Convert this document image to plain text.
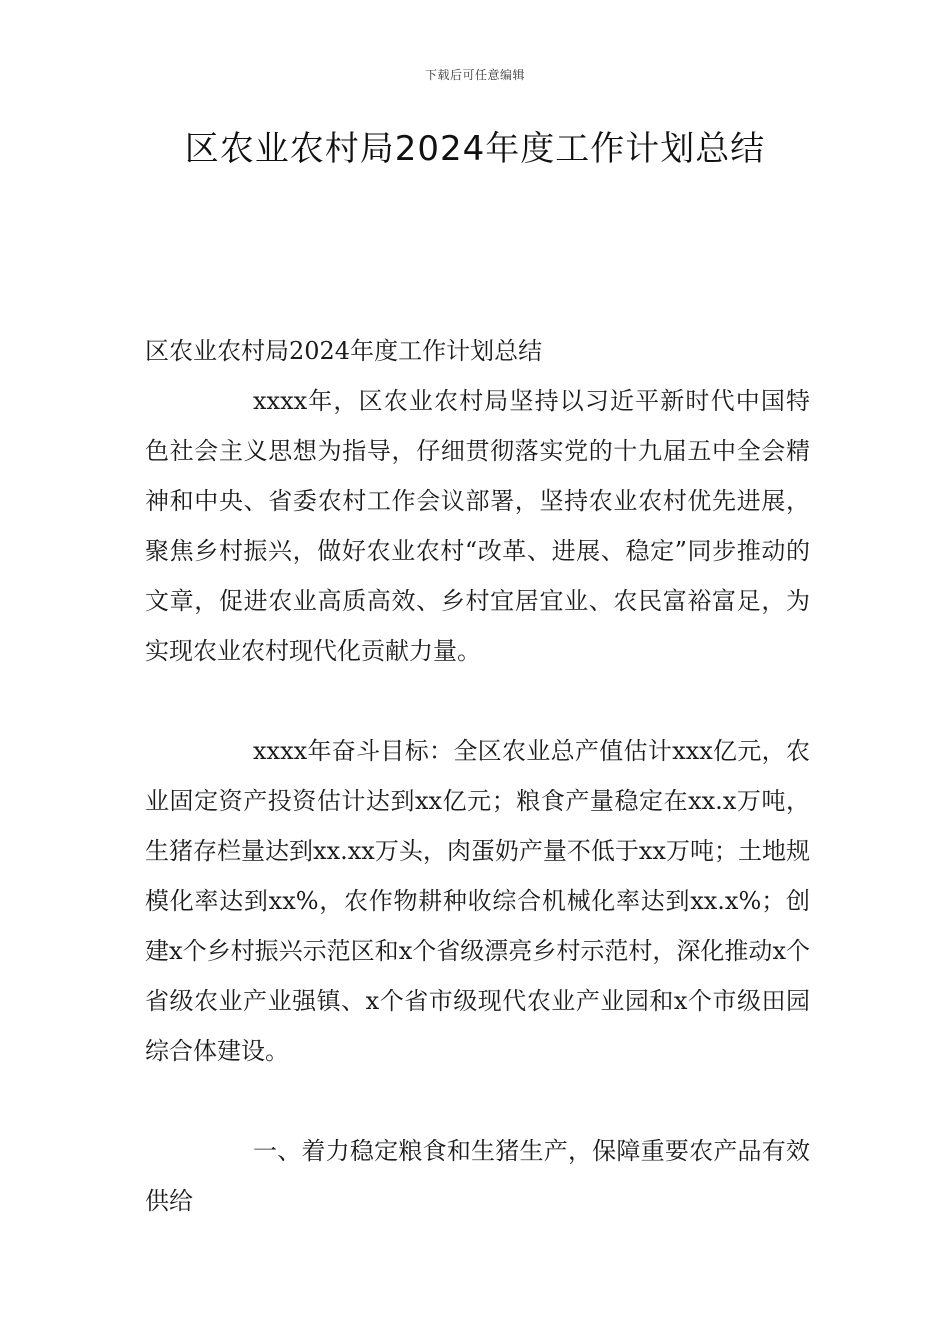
下载后可任意编辑
区农业农村局2024年度工作计划总结

区农业农村局2024年度工作计划总结

xxxx年，区农业农村局坚持以习近平新时代中国特色社会主义思想为指导，仔细贯彻落实党的十九届五中全会精神和中央、省委农村工作会议部署，坚持农业农村优先进展，聚焦乡村振兴，做好农业农村“改革、进展、稳定”同步推动的文章，促进农业高质高效、乡村宜居宜业、农民富裕富足，为实现农业农村现代化贡献力量。

xxxx年奋斗目标：全区农业总产值估计xxx亿元，农业固定资产投资估计达到xx亿元；粮食产量稳定在xx.x万吨，生猪存栏量达到xx.xx万头，肉蛋奶产量不低于xx万吨；土地规模化率达到xx%，农作物耕种收综合机械化率达到xx.x%；创建x个乡村振兴示范区和x个省级漂亮乡村示范村，深化推动x个省级农业产业强镇、x个省市级现代农业产业园和x个市级田园综合体建设。

一、着力稳定粮食和生猪生产，保障重要农产品有效供给
